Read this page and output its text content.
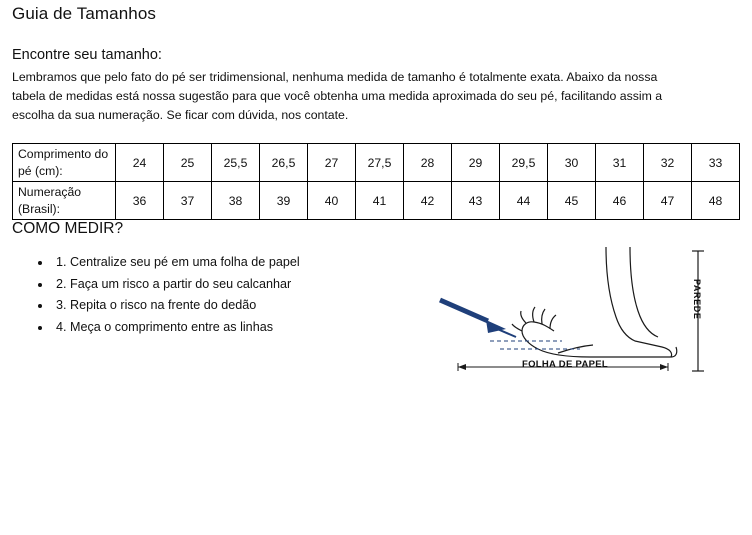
Guia de Tamanhos
Encontre seu tamanho:
Lembramos que pelo fato do pé ser tridimensional, nenhuma medida de tamanho é totalmente exata. Abaixo da nossa tabela de medidas está nossa sugestão para que você obtenha uma medida aproximada do seu pé, facilitando assim a escolha da sua numeração. Se ficar com dúvida, nos contate.
Comprimento do pé (cm):	24	25	25,5	26,5	27	27,5	28	29	29,5	30	31	32	33
Numeração (Brasil):	36	37	38	39	40	41	42	43	44	45	46	47	48
COMO MEDIR?
• 1. Centralize seu pé em uma folha de papel
• 2. Faça um risco a partir do seu calcanhar
• 3. Repita o risco na frente do dedão
• 4. Meça o comprimento entre as linhas
FOLHA DE PAPEL
PAREDE
